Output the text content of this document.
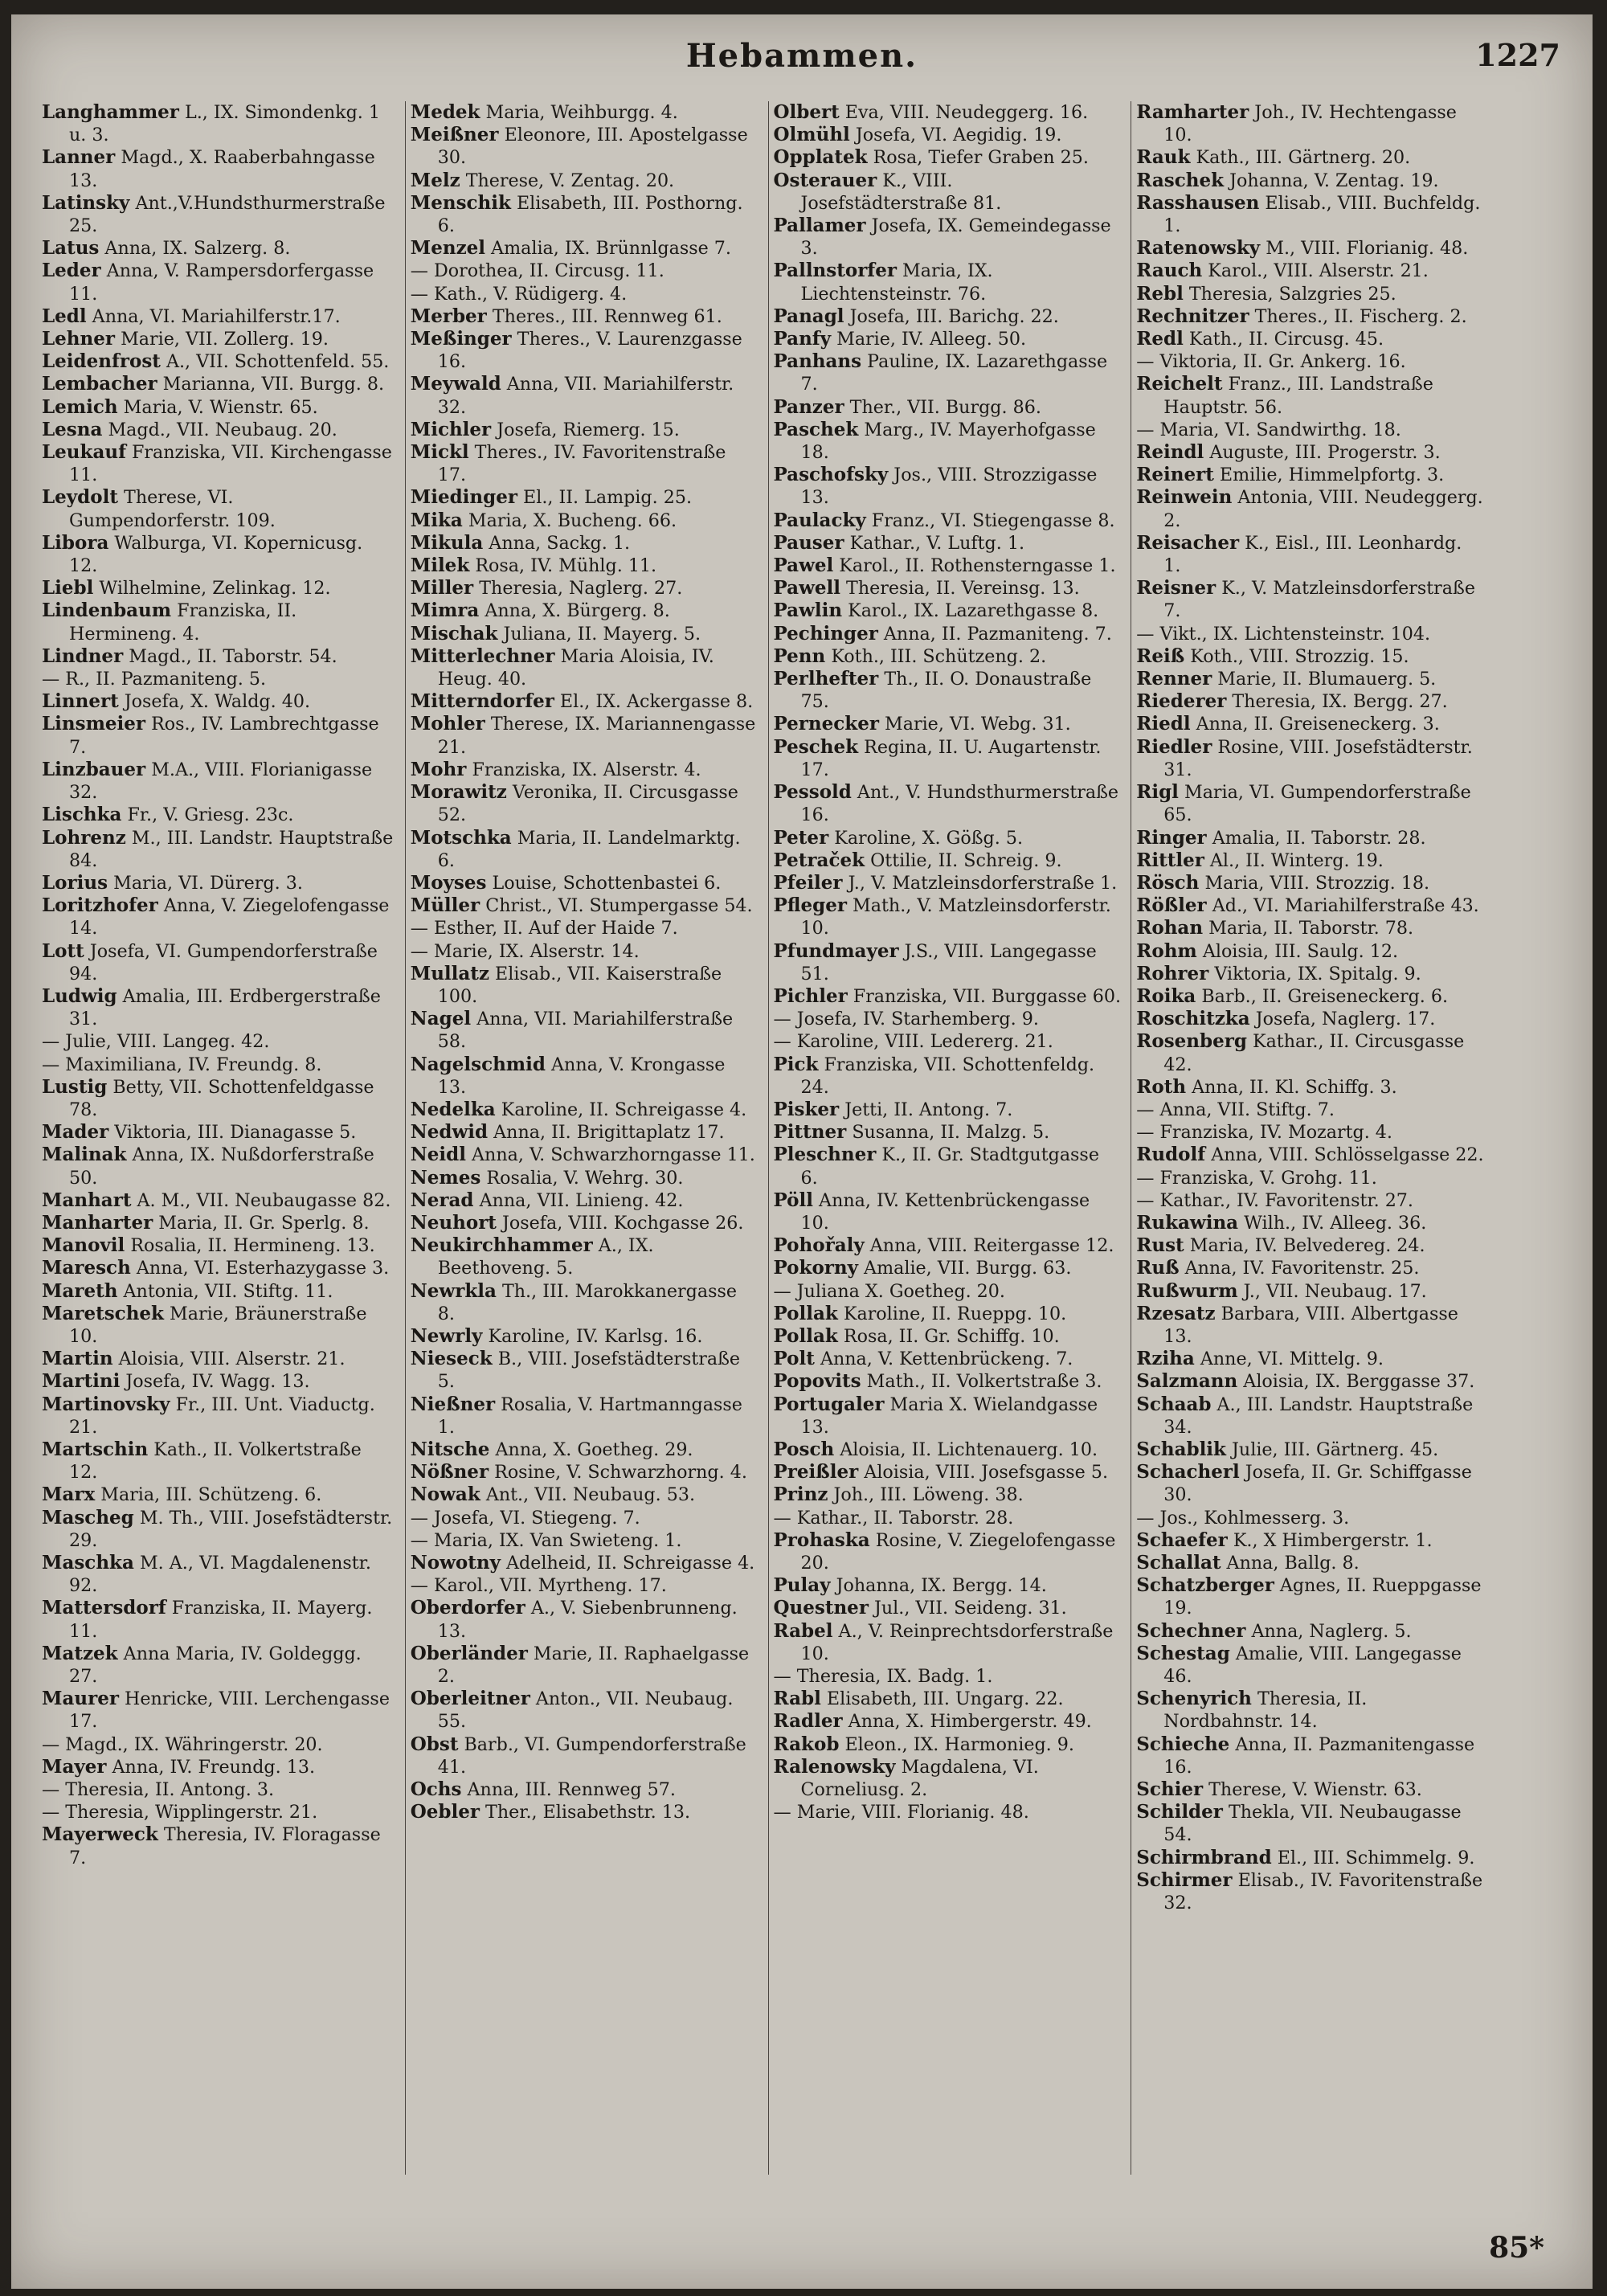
Hebammen.	1227
Langhammer L., IX. Simondenkg. 1 u. 3.
Lanner Magd., X. Raaberbahngasse 13.
Latinsky Ant.,V.Hundsthurmerstraße 25.
Latus Anna, IX. Salzerg. 8.
Leder Anna, V. Rampersdorfergasse 11.
Ledl Anna, VI. Mariahilferstr.17.
Lehner Marie, VII. Zollerg. 19.
Leidenfrost A., VII. Schottenfeld. 55.
Lembacher Marianna, VII. Burgg. 8.
Lemich Maria, V. Wienstr. 65.
Lesna Magd., VII. Neubaug. 20.
Leukauf Franziska, VII. Kirchengasse 11.
Leydolt Therese, VI. Gumpendorferstr. 109.
Libora Walburga, VI. Kopernicusg. 12.
Liebl Wilhelmine, Zelinkag. 12.
Lindenbaum Franziska, II. Hermineng. 4.
Lindner Magd., II. Taborstr. 54.
— R., II. Pazmaniteng. 5.
Linnert Josefa, X. Waldg. 40.
Linsmeier Ros., IV. Lambrechtgasse 7.
Linzbauer M.A., VIII. Florianigasse 32.
Lischka Fr., V. Griesg. 23c.
Lohrenz M., III. Landstr. Hauptstraße 84.
Lorius Maria, VI. Dürerg. 3.
Loritzhofer Anna, V. Ziegelofengasse 14.
Lott Josefa, VI. Gumpendorferstraße 94.
Ludwig Amalia, III. Erdbergerstraße 31.
— Julie, VIII. Langeg. 42.
— Maximiliana, IV. Freundg. 8.
Lustig Betty, VII. Schottenfeldgasse 78.
Mader Viktoria, III. Dianagasse 5.
Malinak Anna, IX. Nußdorferstraße 50.
Manhart A. M., VII. Neubaugasse 82.
Manharter Maria, II. Gr. Sperlg. 8.
Manovil Rosalia, II. Hermineng. 13.
Maresch Anna, VI. Esterhazygasse 3.
Mareth Antonia, VII. Stiftg. 11.
Maretschek Marie, Bräunerstraße 10.
Martin Aloisia, VIII. Alserstr. 21.
Martini Josefa, IV. Wagg. 13.
Martinovsky Fr., III. Unt. Viaductg. 21.
Martschin Kath., II. Volkertstraße 12.
Marx Maria, III. Schützeng. 6.
Mascheg M. Th., VIII. Josefstädterstr. 29.
Maschka M. A., VI. Magdalenenstr. 92.
Mattersdorf Franziska, II. Mayerg. 11.
Matzek Anna Maria, IV. Goldeggg. 27.
Maurer Henricke, VIII. Lerchengasse 17.
— Magd., IX. Währingerstr. 20.
Mayer Anna, IV. Freundg. 13.
— Theresia, II. Antong. 3.
— Theresia, Wipplingerstr. 21.
Mayerweck Theresia, IV. Floragasse 7.
Medek Maria, Weihburgg. 4.
Meißner Eleonore, III. Apostelgasse 30.
Melz Therese, V. Zentag. 20.
Menschik Elisabeth, III. Posthorng. 6.
Menzel Amalia, IX. Brünnlgasse 7.
— Dorothea, II. Circusg. 11.
— Kath., V. Rüdigerg. 4.
Merber Theres., III. Rennweg 61.
Meßinger Theres., V. Laurenzgasse 16.
Meywald Anna, VII. Mariahilferstr. 32.
Michler Josefa, Riemerg. 15.
Mickl Theres., IV. Favoritenstraße 17.
Miedinger El., II. Lampig. 25.
Mika Maria, X. Bucheng. 66.
Mikula Anna, Sackg. 1.
Milek Rosa, IV. Mühlg. 11.
Miller Theresia, Naglerg. 27.
Mimra Anna, X. Bürgerg. 8.
Mischak Juliana, II. Mayerg. 5.
Mitterlechner Maria Aloisia, IV. Heug. 40.
Mitterndorfer El., IX. Ackergasse 8.
Mohler Therese, IX. Mariannengasse 21.
Mohr Franziska, IX. Alserstr. 4.
Morawitz Veronika, II. Circusgasse 52.
Motschka Maria, II. Landelmarktg. 6.
Moyses Louise, Schottenbastei 6.
Müller Christ., VI. Stumpergasse 54.
— Esther, II. Auf der Haide 7.
— Marie, IX. Alserstr. 14.
Mullatz Elisab., VII. Kaiserstraße 100.
Nagel Anna, VII. Mariahilferstraße 58.
Nagelschmid Anna, V. Krongasse 13.
Nedelka Karoline, II. Schreigasse 4.
Nedwid Anna, II. Brigittaplatz 17.
Neidl Anna, V. Schwarzhorngasse 11.
Nemes Rosalia, V. Wehrg. 30.
Nerad Anna, VII. Linieng. 42.
Neuhort Josefa, VIII. Kochgasse 26.
Neukirchhammer A., IX. Beethoveng. 5.
Newrkla Th., III. Marokkanergasse 8.
Newrly Karoline, IV. Karlsg. 16.
Nieseck B., VIII. Josefstädterstraße 5.
Nießner Rosalia, V. Hartmanngasse 1.
Nitsche Anna, X. Goetheg. 29.
Nößner Rosine, V. Schwarzhorng. 4.
Nowak Ant., VII. Neubaug. 53.
— Josefa, VI. Stiegeng. 7.
— Maria, IX. Van Swieteng. 1.
Nowotny Adelheid, II. Schreigasse 4.
— Karol., VII. Myrtheng. 17.
Oberdorfer A., V. Siebenbrunneng. 13.
Oberländer Marie, II. Raphaelgasse 2.
Oberleitner Anton., VII. Neubaug. 55.
Obst Barb., VI. Gumpendorferstraße 41.
Ochs Anna, III. Rennweg 57.
Oebler Ther., Elisabethstr. 13.
Olbert Eva, VIII. Neudeggerg. 16.
Olmühl Josefa, VI. Aegidig. 19.
Opplatek Rosa, Tiefer Graben 25.
Osterauer K., VIII. Josefstädterstraße 81.
Pallamer Josefa, IX. Gemeindegasse 3.
Pallnstorfer Maria, IX. Liechtensteinstr. 76.
Panagl Josefa, III. Barichg. 22.
Panfy Marie, IV. Alleeg. 50.
Panhans Pauline, IX. Lazarethgasse 7.
Panzer Ther., VII. Burgg. 86.
Paschek Marg., IV. Mayerhofgasse 18.
Paschofsky Jos., VIII. Strozzigasse 13.
Paulacky Franz., VI. Stiegengasse 8.
Pauser Kathar., V. Luftg. 1.
Pawel Karol., II. Rothensterngasse 1.
Pawell Theresia, II. Vereinsg. 13.
Pawlin Karol., IX. Lazarethgasse 8.
Pechinger Anna, II. Pazmaniteng. 7.
Penn Koth., III. Schützeng. 2.
Perlhefter Th., II. O. Donaustraße 75.
Pernecker Marie, VI. Webg. 31.
Peschek Regina, II. U. Augartenstr. 17.
Pessold Ant., V. Hundsthurmerstraße 16.
Peter Karoline, X. Gößg. 5.
Petraček Ottilie, II. Schreig. 9.
Pfeiler J., V. Matzleinsdorferstraße 1.
Pfleger Math., V. Matzleinsdorferstr. 10.
Pfundmayer J.S., VIII. Langegasse 51.
Pichler Franziska, VII. Burggasse 60.
— Josefa, IV. Starhemberg. 9.
— Karoline, VIII. Ledererg. 21.
Pick Franziska, VII. Schottenfeldg. 24.
Pisker Jetti, II. Antong. 7.
Pittner Susanna, II. Malzg. 5.
Pleschner K., II. Gr. Stadtgutgasse 6.
Pöll Anna, IV. Kettenbrückengasse 10.
Pohořaly Anna, VIII. Reitergasse 12.
Pokorny Amalie, VII. Burgg. 63.
— Juliana X. Goetheg. 20.
Pollak Karoline, II. Rueppg. 10.
Pollak Rosa, II. Gr. Schiffg. 10.
Polt Anna, V. Kettenbrückeng. 7.
Popovits Math., II. Volkertstraße 3.
Portugaler Maria X. Wielandgasse 13.
Posch Aloisia, II. Lichtenauerg. 10.
Preißler Aloisia, VIII. Josefsgasse 5.
Prinz Joh., III. Löweng. 38.
— Kathar., II. Taborstr. 28.
Prohaska Rosine, V. Ziegelofengasse 20.
Pulay Johanna, IX. Bergg. 14.
Questner Jul., VII. Seideng. 31.
Rabel A., V. Reinprechtsdorferstraße 10.
— Theresia, IX. Badg. 1.
Rabl Elisabeth, III. Ungarg. 22.
Radler Anna, X. Himbergerstr. 49.
Rakob Eleon., IX. Harmonieg. 9.
Ralenowsky Magdalena, VI. Corneliusg. 2.
— Marie, VIII. Florianig. 48.
Ramharter Joh., IV. Hechtengasse 10.
Rauk Kath., III. Gärtnerg. 20.
Raschek Johanna, V. Zentag. 19.
Rasshausen Elisab., VIII. Buchfeldg. 1.
Ratenowsky M., VIII. Florianig. 48.
Rauch Karol., VIII. Alserstr. 21.
Rebl Theresia, Salzgries 25.
Rechnitzer Theres., II. Fischerg. 2.
Redl Kath., II. Circusg. 45.
— Viktoria, II. Gr. Ankerg. 16.
Reichelt Franz., III. Landstraße Hauptstr. 56.
— Maria, VI. Sandwirthg. 18.
Reindl Auguste, III. Progerstr. 3.
Reinert Emilie, Himmelpfortg. 3.
Reinwein Antonia, VIII. Neudeggerg. 2.
Reisacher K., Eisl., III. Leonhardg. 1.
Reisner K., V. Matzleinsdorferstraße 7.
— Vikt., IX. Lichtensteinstr. 104.
Reiß Koth., VIII. Strozzig. 15.
Renner Marie, II. Blumauerg. 5.
Riederer Theresia, IX. Bergg. 27.
Riedl Anna, II. Greiseneckerg. 3.
Riedler Rosine, VIII. Josefstädterstr. 31.
Rigl Maria, VI. Gumpendorferstraße 65.
Ringer Amalia, II. Taborstr. 28.
Rittler Al., II. Winterg. 19.
Rösch Maria, VIII. Strozzig. 18.
Rößler Ad., VI. Mariahilferstraße 43.
Rohan Maria, II. Taborstr. 78.
Rohm Aloisia, III. Saulg. 12.
Rohrer Viktoria, IX. Spitalg. 9.
Roika Barb., II. Greiseneckerg. 6.
Roschitzka Josefa, Naglerg. 17.
Rosenberg Kathar., II. Circusgasse 42.
Roth Anna, II. Kl. Schiffg. 3.
— Anna, VII. Stiftg. 7.
— Franziska, IV. Mozartg. 4.
Rudolf Anna, VIII. Schlösselgasse 22.
— Franziska, V. Grohg. 11.
— Kathar., IV. Favoritenstr. 27.
Rukawina Wilh., IV. Alleeg. 36.
Rust Maria, IV. Belvedereg. 24.
Ruß Anna, IV. Favoritenstr. 25.
Rußwurm J., VII. Neubaug. 17.
Rzesatz Barbara, VIII. Albertgasse 13.
Rziha Anne, VI. Mittelg. 9.
Salzmann Aloisia, IX. Berggasse 37.
Schaab A., III. Landstr. Hauptstraße 34.
Schablik Julie, III. Gärtnerg. 45.
Schacherl Josefa, II. Gr. Schiffgasse 30.
— Jos., Kohlmesserg. 3.
Schaefer K., X Himbergerstr. 1.
Schallat Anna, Ballg. 8.
Schatzberger Agnes, II. Rueppgasse 19.
Schechner Anna, Naglerg. 5.
Schestag Amalie, VIII. Langegasse 46.
Schenyrich Theresia, II. Nordbahnstr. 14.
Schieche Anna, II. Pazmanitengasse 16.
Schier Therese, V. Wienstr. 63.
Schilder Thekla, VII. Neubaugasse 54.
Schirmbrand El., III. Schimmelg. 9.
Schirmer Elisab., IV. Favoritenstraße 32.
85*
